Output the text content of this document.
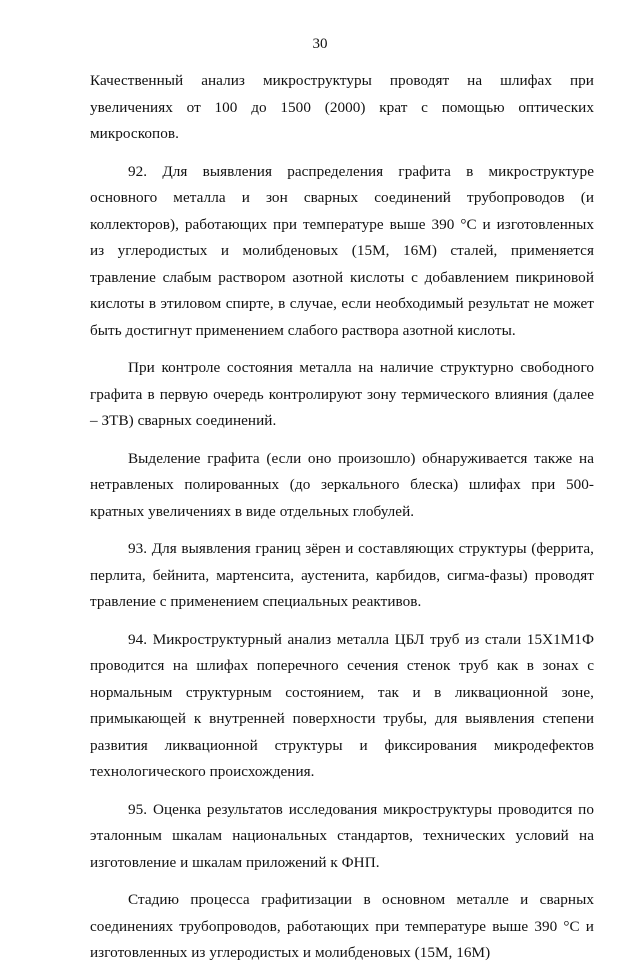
30

Качественный анализ микроструктуры проводят на шлифах при увеличениях от 100 до 1500 (2000) крат с помощью оптических микроскопов.

92. Для выявления распределения графита в микроструктуре основного металла и зон сварных соединений трубопроводов (и коллекторов), работающих при температуре выше 390 °С и изготовленных из углеродистых и молибденовых (15М, 16М) сталей, применяется травление слабым раствором азотной кислоты с добавлением пикриновой кислоты в этиловом спирте, в случае, если необходимый результат не может быть достигнут применением слабого раствора азотной кислоты.

При контроле состояния металла на наличие структурно свободного графита в первую очередь контролируют зону термического влияния (далее – ЗТВ) сварных соединений.

Выделение графита (если оно произошло) обнаруживается также на нетравленых полированных (до зеркального блеска) шлифах при 500-кратных увеличениях в виде отдельных глобулей.

93. Для выявления границ зёрен и составляющих структуры (феррита, перлита, бейнита, мартенсита, аустенита, карбидов, сигма-фазы) проводят травление с применением специальных реактивов.

94. Микроструктурный анализ металла ЦБЛ труб из стали 15Х1М1Ф проводится на шлифах поперечного сечения стенок труб как в зонах с нормальным структурным состоянием, так и в ликвационной зоне, примыкающей к внутренней поверхности трубы, для выявления степени развития ликвационной структуры и фиксирования микродефектов технологического происхождения.

95. Оценка результатов исследования микроструктуры проводится по эталонным шкалам национальных стандартов, технических условий на изготовление и шкалам приложений к ФНП.

Стадию процесса графитизации в основном металле и сварных соединениях трубопроводов, работающих при температуре выше 390 °С и изготовленных из углеродистых и молибденовых (15М, 16М)
